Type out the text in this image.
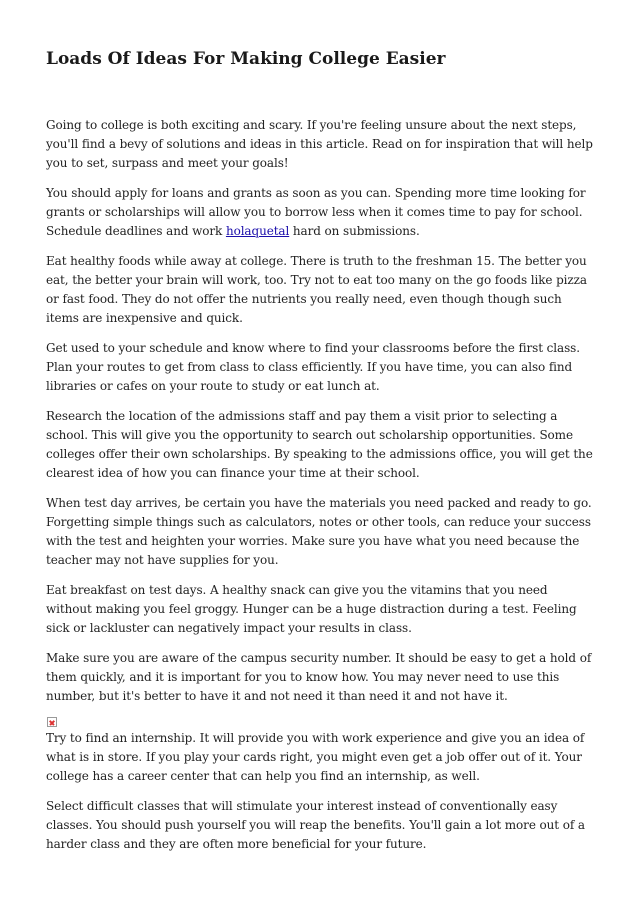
Loads Of Ideas For Making College Easier

Going to college is both exciting and scary. If you're feeling unsure about the next steps, you'll find a bevy of solutions and ideas in this article. Read on for inspiration that will help you to set, surpass and meet your goals!

You should apply for loans and grants as soon as you can. Spending more time looking for grants or scholarships will allow you to borrow less when it comes time to pay for school. Schedule deadlines and work holaquetal hard on submissions.

Eat healthy foods while away at college. There is truth to the freshman 15. The better you eat, the better your brain will work, too. Try not to eat too many on the go foods like pizza or fast food. They do not offer the nutrients you really need, even though though such items are inexpensive and quick.

Get used to your schedule and know where to find your classrooms before the first class. Plan your routes to get from class to class efficiently. If you have time, you can also find libraries or cafes on your route to study or eat lunch at.

Research the location of the admissions staff and pay them a visit prior to selecting a school. This will give you the opportunity to search out scholarship opportunities. Some colleges offer their own scholarships. By speaking to the admissions office, you will get the clearest idea of how you can finance your time at their school.

When test day arrives, be certain you have the materials you need packed and ready to go. Forgetting simple things such as calculators, notes or other tools, can reduce your success with the test and heighten your worries. Make sure you have what you need because the teacher may not have supplies for you.

Eat breakfast on test days. A healthy snack can give you the vitamins that you need without making you feel groggy. Hunger can be a huge distraction during a test. Feeling sick or lackluster can negatively impact your results in class.

Make sure you are aware of the campus security number. It should be easy to get a hold of them quickly, and it is important for you to know how. You may never need to use this number, but it's better to have it and not need it than need it and not have it.

Try to find an internship. It will provide you with work experience and give you an idea of what is in store. If you play your cards right, you might even get a job offer out of it. Your college has a career center that can help you find an internship, as well.

Select difficult classes that will stimulate your interest instead of conventionally easy classes. You should push yourself you will reap the benefits. You'll gain a lot more out of a harder class and they are often more beneficial for your future.
